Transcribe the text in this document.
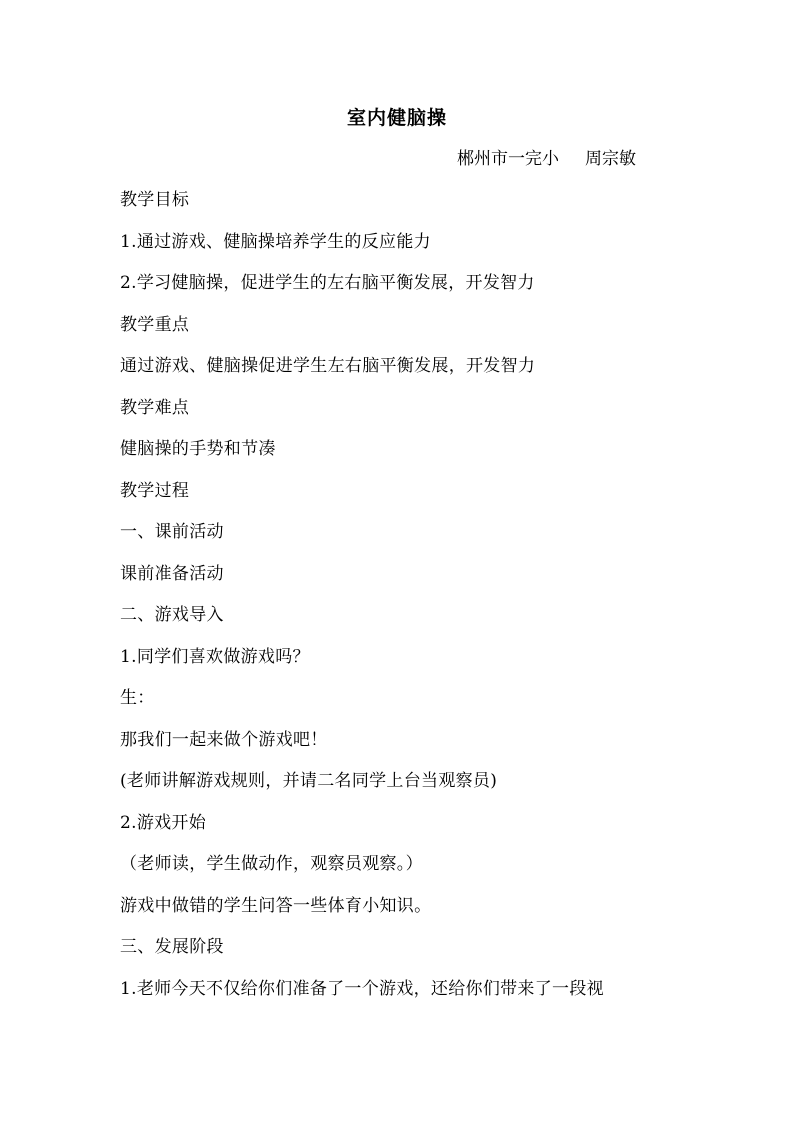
室内健脑操
郴州市一完小 周宗敏
教学目标
1.通过游戏、健脑操培养学生的反应能力
2.学习健脑操，促进学生的左右脑平衡发展，开发智力
教学重点
通过游戏、健脑操促进学生左右脑平衡发展，开发智力
教学难点
健脑操的手势和节凑
教学过程
一、课前活动
课前准备活动
二、游戏导入
1.同学们喜欢做游戏吗？
生：
那我们一起来做个游戏吧！
(老师讲解游戏规则，并请二名同学上台当观察员)
2.游戏开始
（老师读，学生做动作，观察员观察。）
游戏中做错的学生问答一些体育小知识。
三、发展阶段
1.老师今天不仅给你们准备了一个游戏，还给你们带来了一段视
